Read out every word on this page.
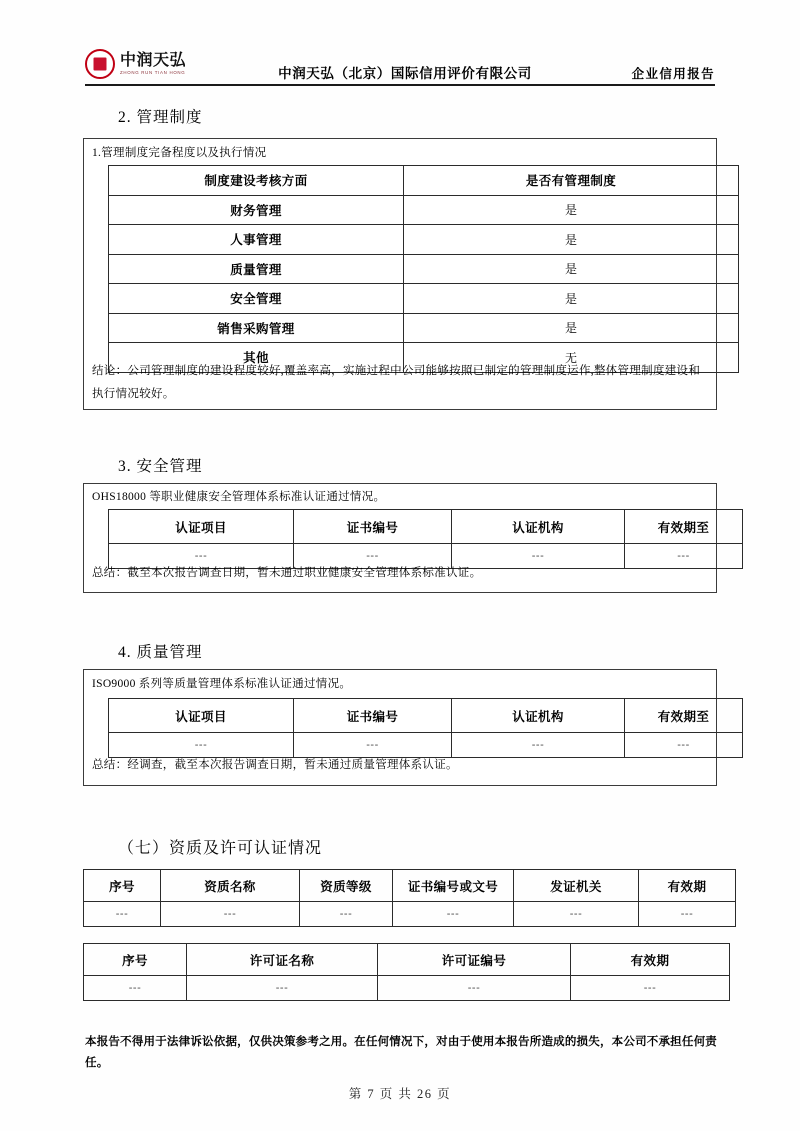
中润天弘
ZHONG RUN TIAN HONG	中润天弘（北京）国际信用评价有限公司	企业信用报告
2. 管理制度
1.管理制度完备程度以及执行情况
制度建设考核方面	是否有管理制度
财务管理	是
人事管理	是
质量管理	是
安全管理	是
销售采购管理	是
其他	无
结论：公司管理制度的建设程度较好,覆盖率高，实施过程中公司能够按照已制定的管理制度运作,整体管理制度建设和执行情况较好。
3. 安全管理
OHS18000 等职业健康安全管理体系标准认证通过情况。
认证项目	证书编号	认证机构	有效期至
---	---	---	---
总结：截至本次报告调查日期，暂未通过职业健康安全管理体系标准认证。
4. 质量管理
ISO9000 系列等质量管理体系标准认证通过情况。
认证项目	证书编号	认证机构	有效期至
---	---	---	---
总结：经调查，截至本次报告调查日期，暂未通过质量管理体系认证。
（七）资质及许可认证情况
序号	资质名称	资质等级	证书编号或文号	发证机关	有效期
---	---	---	---	---	---
序号	许可证名称	许可证编号	有效期
---	---	---	---
本报告不得用于法律诉讼依据，仅供决策参考之用。在任何情况下，对由于使用本报告所造成的损失，本公司不承担任何责任。
第 7 页 共 26 页
